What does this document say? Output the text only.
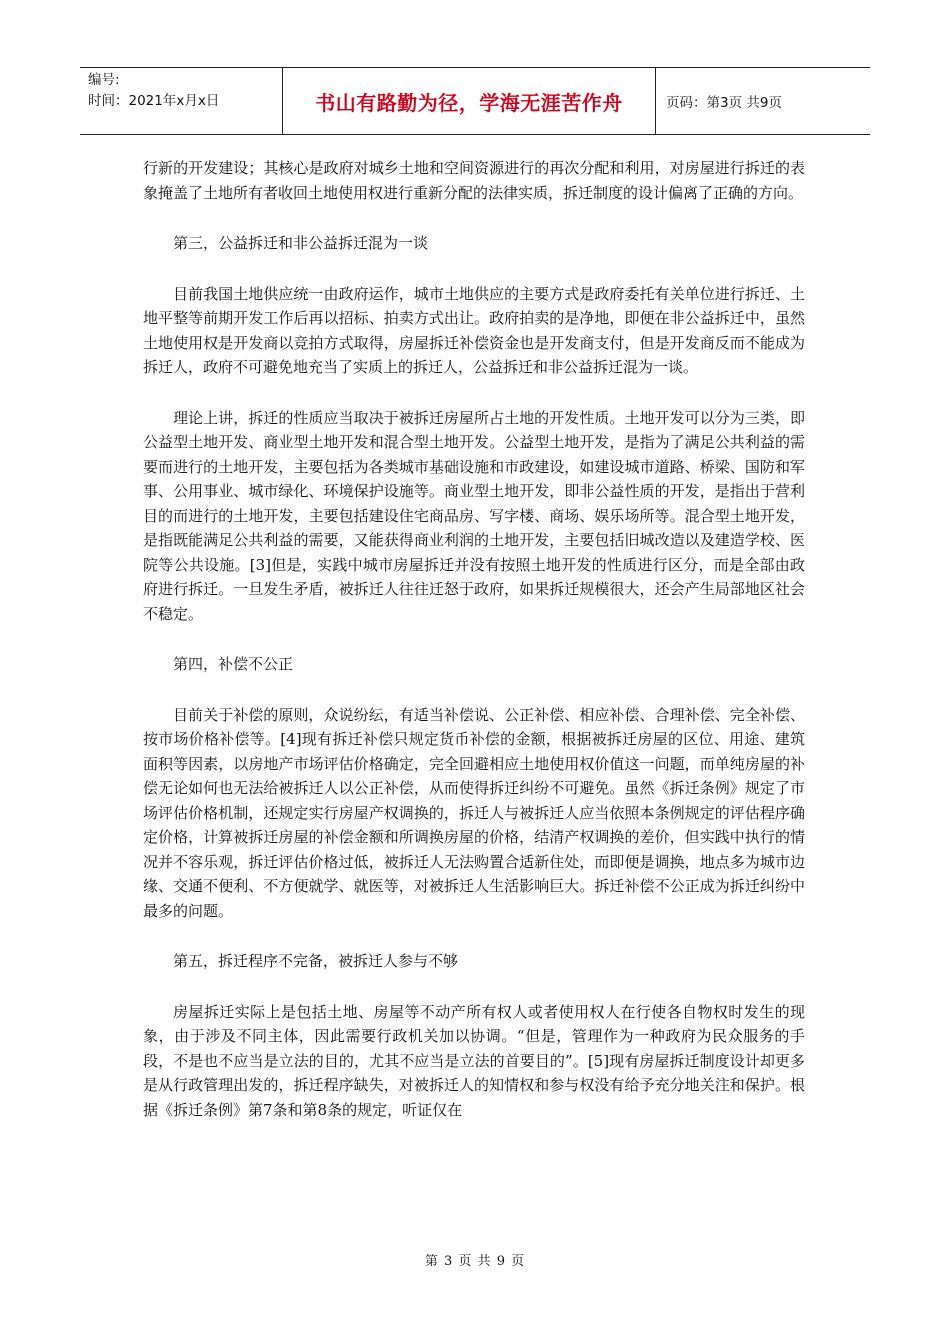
编号:
时间：2021年x月x日	书山有路勤为径，学海无涯苦作舟	页码：第3页 共9页

行新的开发建设；其核心是政府对城乡土地和空间资源进行的再次分配和利用，对房屋进行拆迁的表象掩盖了土地所有者收回土地使用权进行重新分配的法律实质，拆迁制度的设计偏离了正确的方向。

第三，公益拆迁和非公益拆迁混为一谈

目前我国土地供应统一由政府运作，城市土地供应的主要方式是政府委托有关单位进行拆迁、土地平整等前期开发工作后再以招标、拍卖方式出让。政府拍卖的是净地，即便在非公益拆迁中，虽然土地使用权是开发商以竞拍方式取得，房屋拆迁补偿资金也是开发商支付，但是开发商反而不能成为拆迁人，政府不可避免地充当了实质上的拆迁人，公益拆迁和非公益拆迁混为一谈。

理论上讲，拆迁的性质应当取决于被拆迁房屋所占土地的开发性质。土地开发可以分为三类，即公益型土地开发、商业型土地开发和混合型土地开发。公益型土地开发，是指为了满足公共利益的需要而进行的土地开发，主要包括为各类城市基础设施和市政建设，如建设城市道路、桥梁、国防和军事、公用事业、城市绿化、环境保护设施等。商业型土地开发，即非公益性质的开发，是指出于营利目的而进行的土地开发，主要包括建设住宅商品房、写字楼、商场、娱乐场所等。混合型土地开发，是指既能满足公共利益的需要，又能获得商业利润的土地开发，主要包括旧城改造以及建造学校、医院等公共设施。[3]但是，实践中城市房屋拆迁并没有按照土地开发的性质进行区分，而是全部由政府进行拆迁。一旦发生矛盾，被拆迁人往往迁怒于政府，如果拆迁规模很大，还会产生局部地区社会不稳定。

第四，补偿不公正

目前关于补偿的原则，众说纷纭，有适当补偿说、公正补偿、相应补偿、合理补偿、完全补偿、按市场价格补偿等。[4]现有拆迁补偿只规定货币补偿的金额，根据被拆迁房屋的区位、用途、建筑面积等因素，以房地产市场评估价格确定，完全回避相应土地使用权价值这一问题，而单纯房屋的补偿无论如何也无法给被拆迁人以公正补偿，从而使得拆迁纠纷不可避免。虽然《拆迁条例》规定了市场评估价格机制，还规定实行房屋产权调换的，拆迁人与被拆迁人应当依照本条例规定的评估程序确定价格，计算被拆迁房屋的补偿金额和所调换房屋的价格，结清产权调换的差价，但实践中执行的情况并不容乐观，拆迁评估价格过低，被拆迁人无法购置合适新住处，而即便是调换，地点多为城市边缘、交通不便利、不方便就学、就医等，对被拆迁人生活影响巨大。拆迁补偿不公正成为拆迁纠纷中最多的问题。

第五，拆迁程序不完备，被拆迁人参与不够

房屋拆迁实际上是包括土地、房屋等不动产所有权人或者使用权人在行使各自物权时发生的现象，由于涉及不同主体，因此需要行政机关加以协调。“但是，管理作为一种政府为民众服务的手段，不是也不应当是立法的目的，尤其不应当是立法的首要目的”。[5]现有房屋拆迁制度设计却更多是从行政管理出发的，拆迁程序缺失，对被拆迁人的知情权和参与权没有给予充分地关注和保护。根据《拆迁条例》第7条和第8条的规定，听证仅在

第 3 页 共 9 页
